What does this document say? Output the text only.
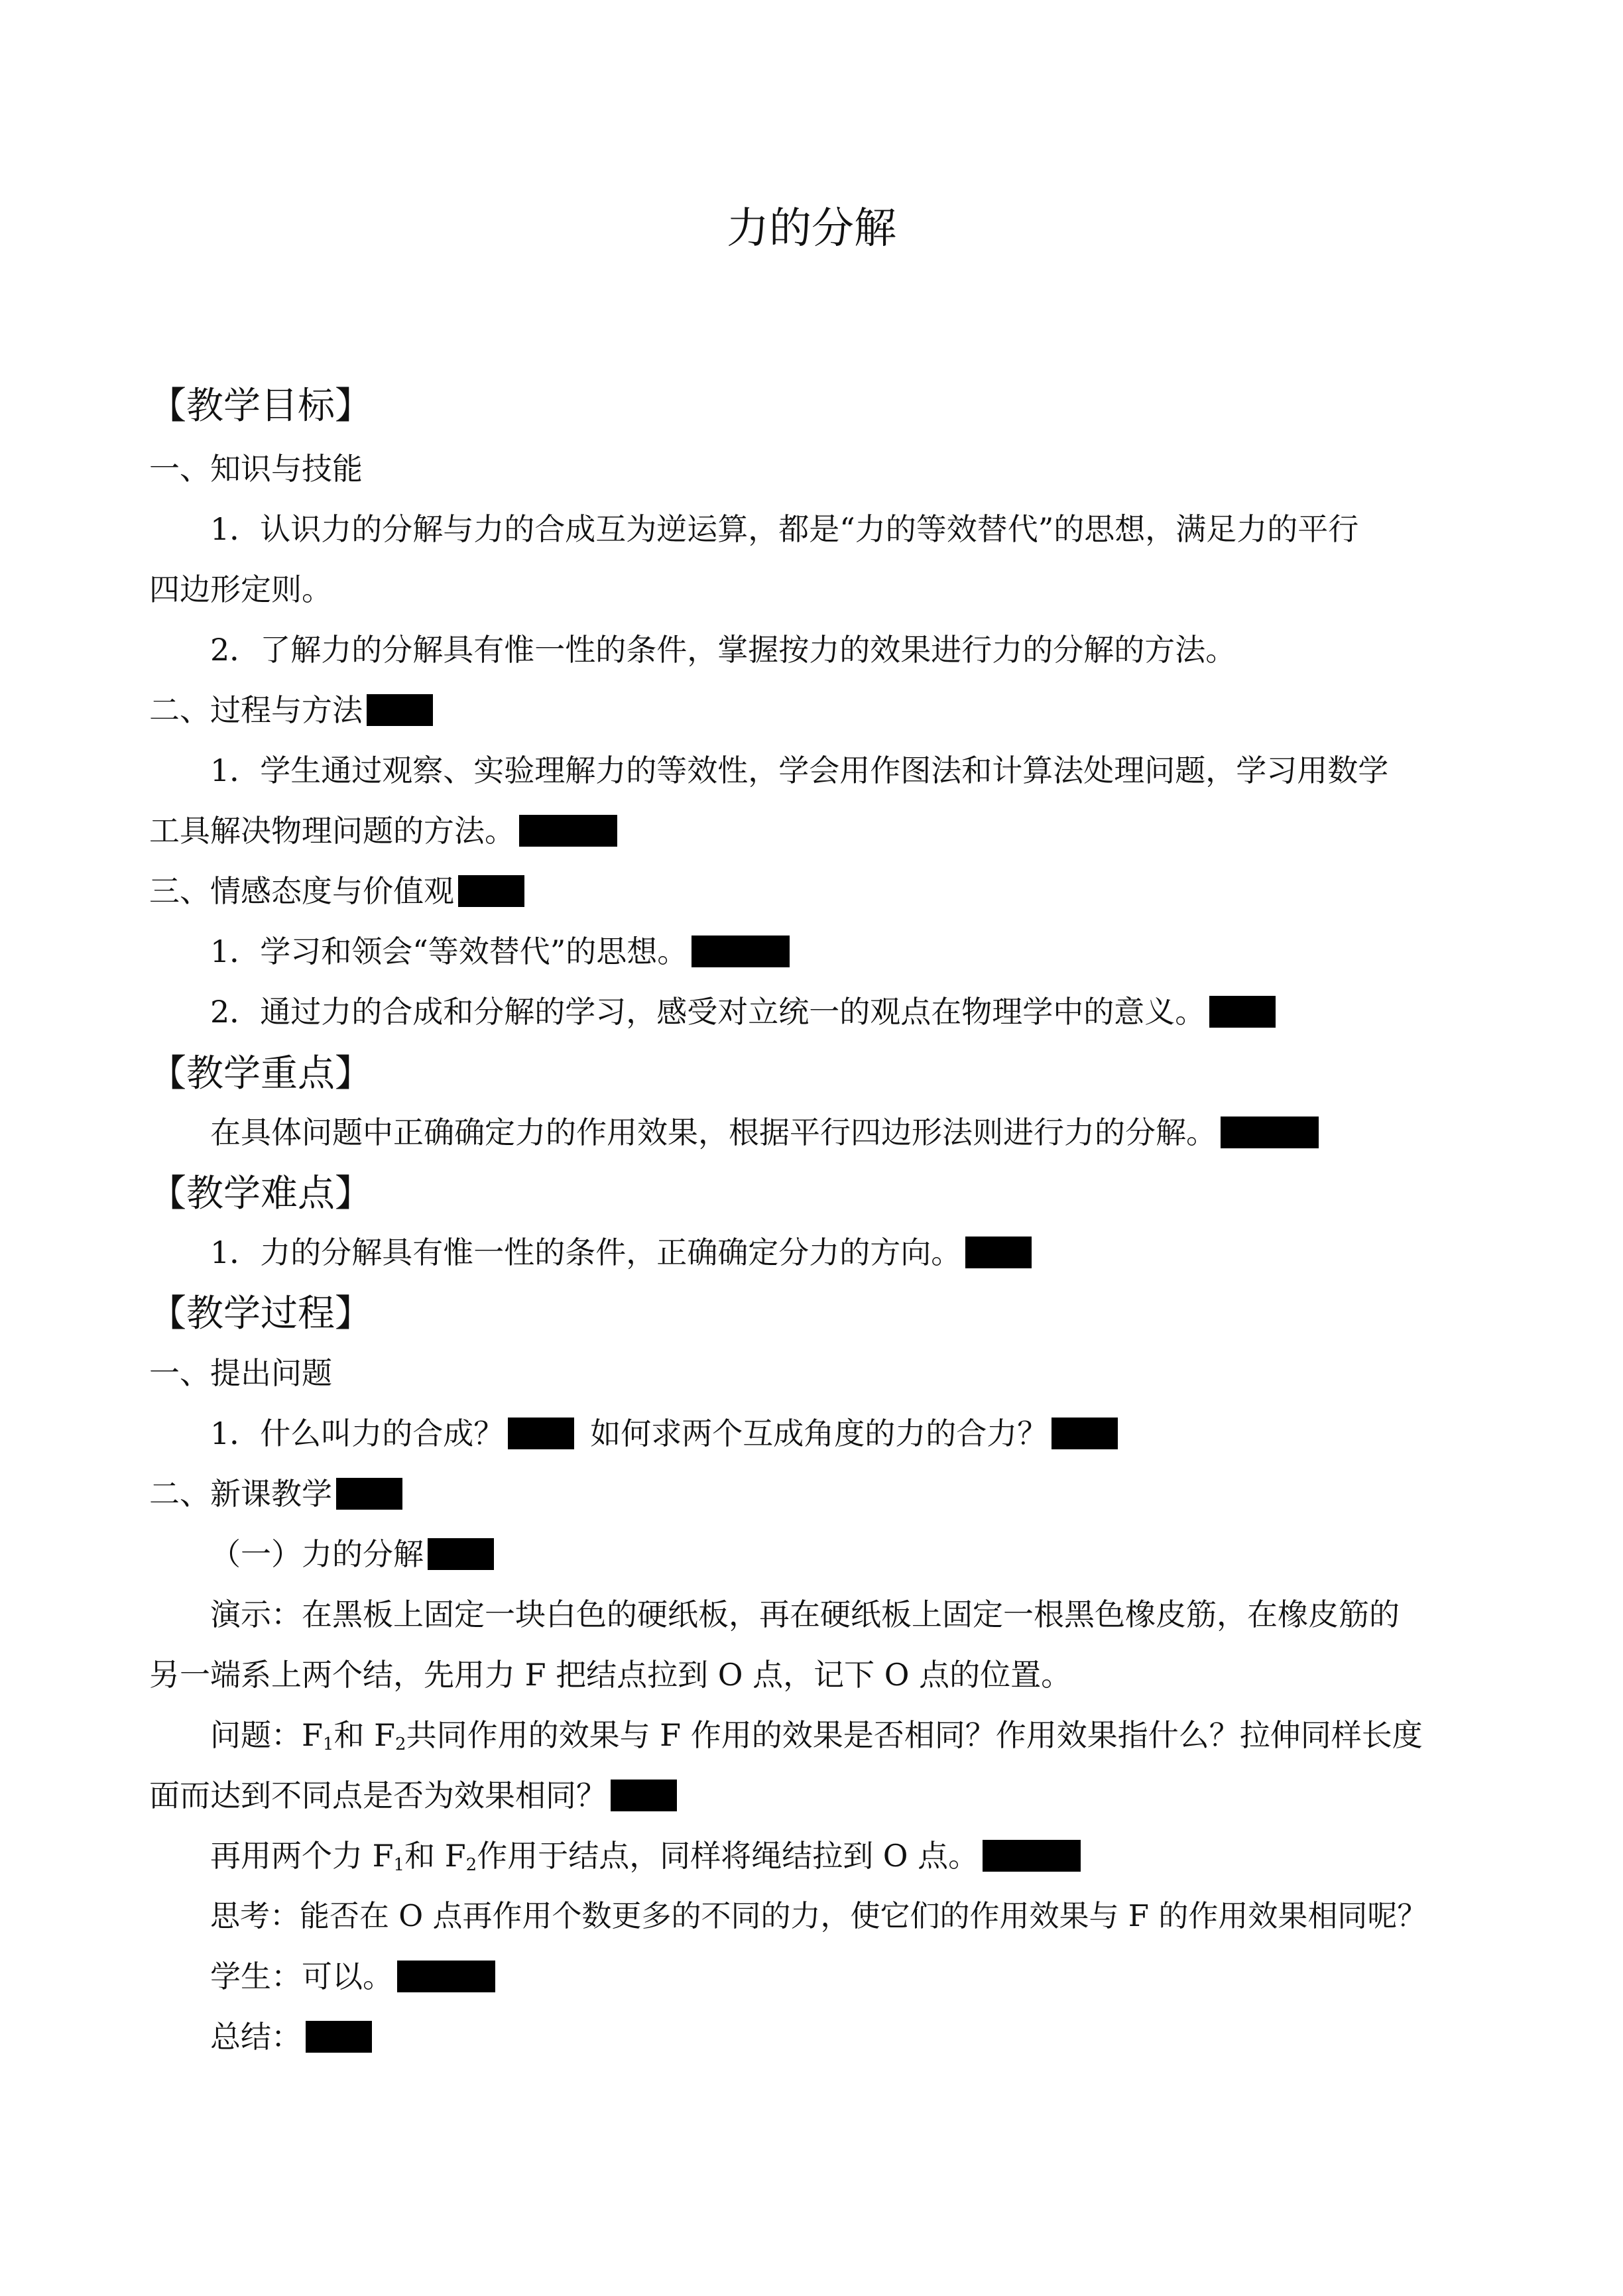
力的分解
【教学目标】
一、知识与技能
1．认识力的分解与力的合成互为逆运算，都是“力的等效替代”的思想，满足力的平行
四边形定则。
2．了解力的分解具有惟一性的条件，掌握按力的效果进行力的分解的方法。
二、过程与方法
1．学生通过观察、实验理解力的等效性，学会用作图法和计算法处理问题，学习用数学
工具解决物理问题的方法。
三、情感态度与价值观
1．学习和领会“等效替代”的思想。
2．通过力的合成和分解的学习，感受对立统一的观点在物理学中的意义。
【教学重点】
在具体问题中正确确定力的作用效果，根据平行四边形法则进行力的分解。
【教学难点】
1．力的分解具有惟一性的条件，正确确定分力的方向。
【教学过程】
一、提出问题
1．什么叫力的合成？	如何求两个互成角度的力的合力？
二、新课教学
（一）力的分解
演示：在黑板上固定一块白色的硬纸板，再在硬纸板上固定一根黑色橡皮筋，在橡皮筋的
另一端系上两个结，先用力 F 把结点拉到 O 点，记下 O 点的位置。
问题：$F_1$和 $F_2$共同作用的效果与 F 作用的效果是否相同？作用效果指什么？拉伸同样长度
面而达到不同点是否为效果相同？
再用两个力 $F_1$和 $F_2$作用于结点，同样将绳结拉到 O 点。
思考：能否在 O 点再作用个数更多的不同的力，使它们的作用效果与 F 的作用效果相同呢？
学生：可以。
总结：
